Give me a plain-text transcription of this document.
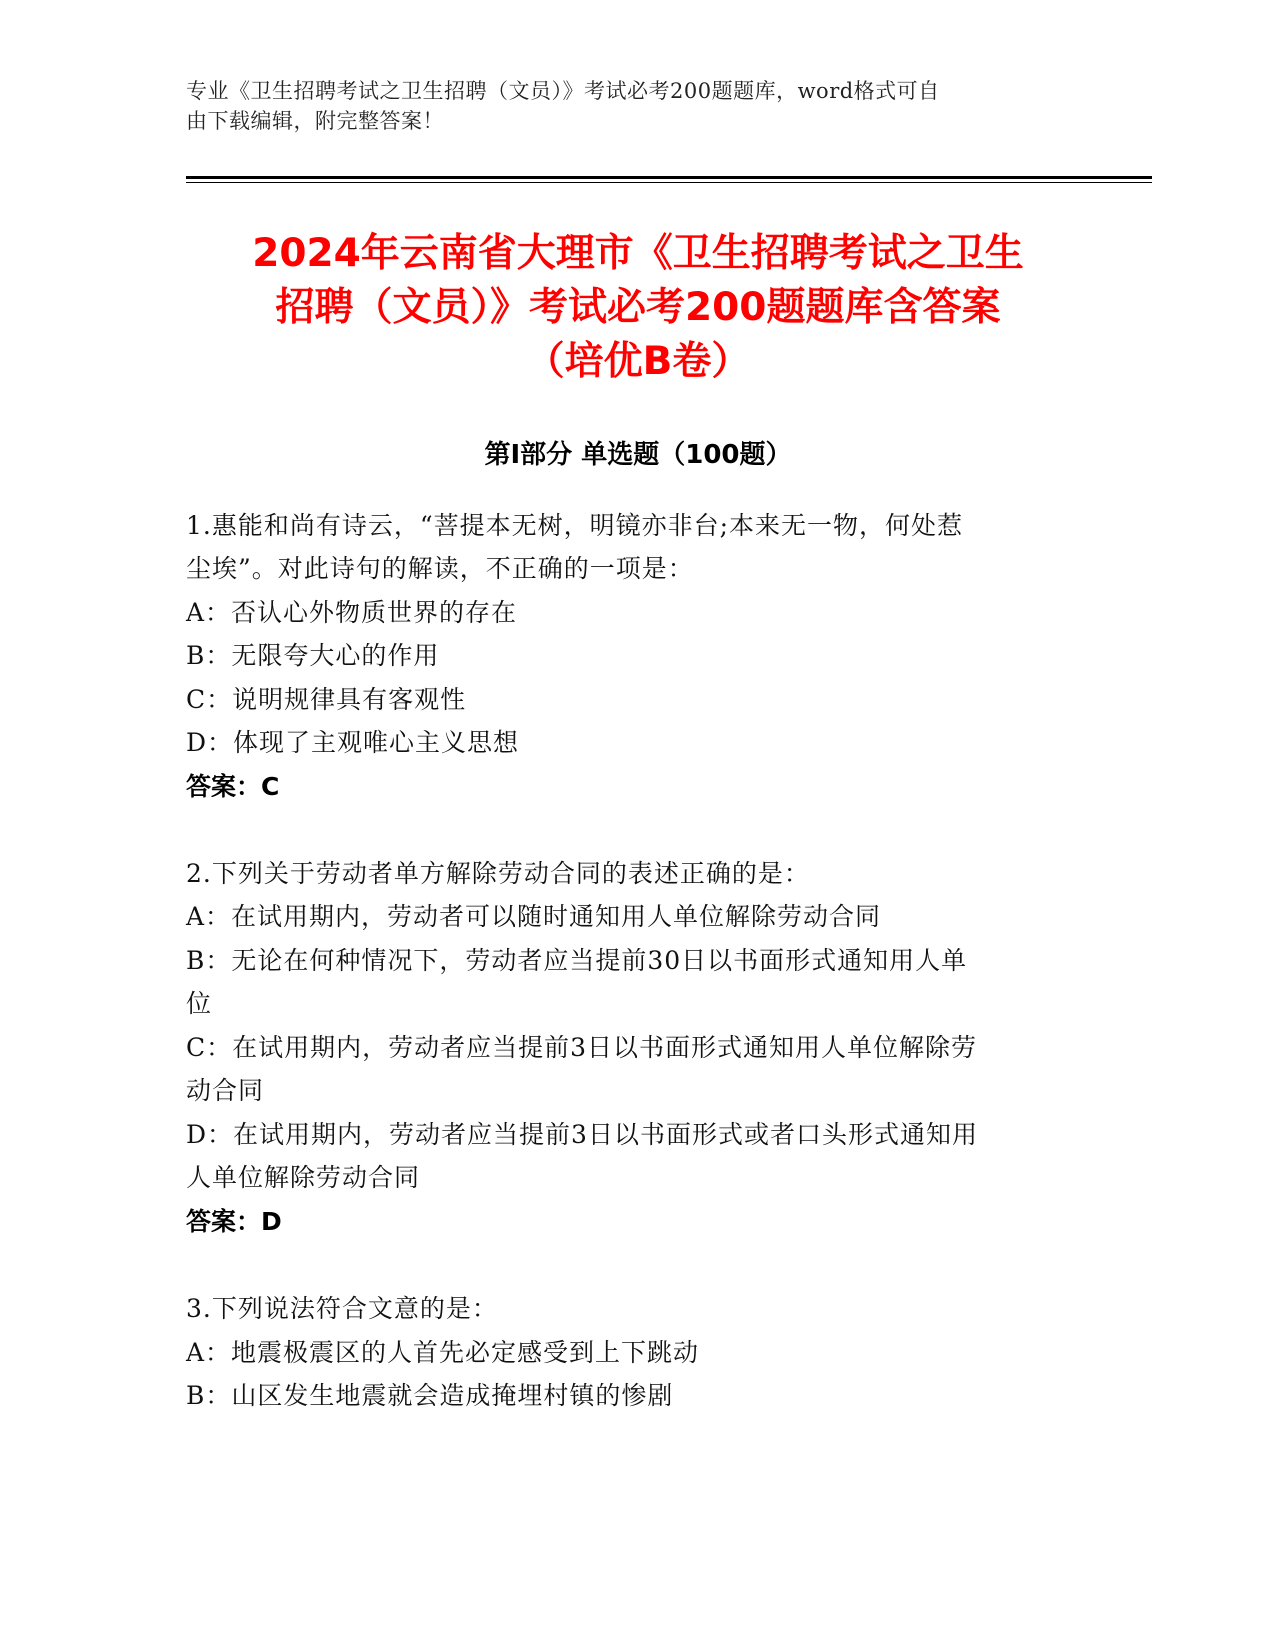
专业《卫生招聘考试之卫生招聘（文员）》考试必考200题题库，word格式可自
由下载编辑，附完整答案！
2024年云南省大理市《卫生招聘考试之卫生
招聘（文员）》考试必考200题题库含答案
（培优B卷）
第Ⅰ部分 单选题（100题）
1.惠能和尚有诗云，“菩提本无树，明镜亦非台;本来无一物，何处惹
尘埃”。对此诗句的解读，不正确的一项是：
A：否认心外物质世界的存在
B：无限夸大心的作用
C：说明规律具有客观性
D：体现了主观唯心主义思想
答案：C
2.下列关于劳动者单方解除劳动合同的表述正确的是：
A：在试用期内，劳动者可以随时通知用人单位解除劳动合同
B：无论在何种情况下，劳动者应当提前30日以书面形式通知用人单
位
C：在试用期内，劳动者应当提前3日以书面形式通知用人单位解除劳
动合同
D：在试用期内，劳动者应当提前3日以书面形式或者口头形式通知用
人单位解除劳动合同
答案：D
3.下列说法符合文意的是：
A：地震极震区的人首先必定感受到上下跳动
B：山区发生地震就会造成掩埋村镇的惨剧
